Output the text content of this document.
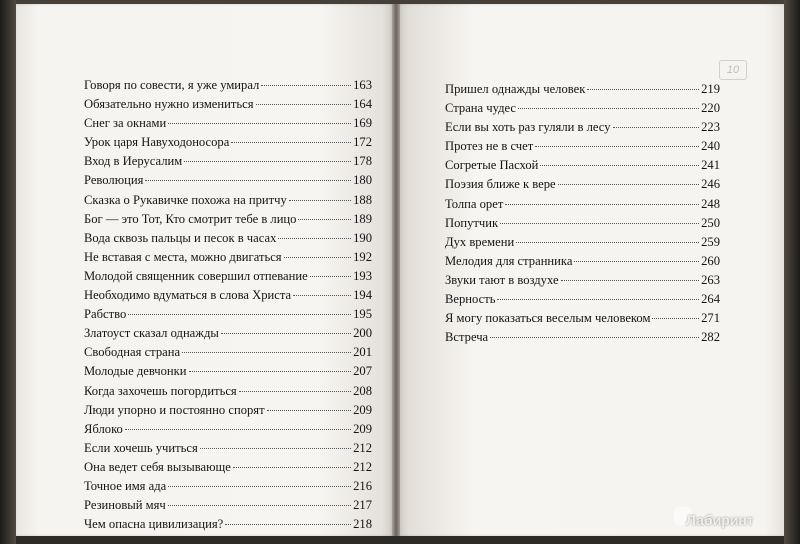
Говоря по совести, я уже умирал	163
Обязательно нужно измениться	164
Снег за окнами	169
Урок царя Навуходоносора	172
Вход в Иерусалим	178
Революция	180
Сказка о Рукавичке похожа на притчу	188
Бог — это Тот, Кто смотрит тебе в лицо	189
Вода сквозь пальцы и песок в часах	190
Не вставая с места, можно двигаться	192
Молодой священник совершил отпевание	193
Необходимо вдуматься в слова Христа	194
Рабство	195
Златоуст сказал однажды	200
Свободная страна	201
Молодые девчонки	207
Когда захочешь погордиться	208
Люди упорно и постоянно спорят	209
Яблоко	209
Если хочешь учиться	212
Она ведет себя вызывающе	212
Точное имя ада	216
Резиновый мяч	217
Чем опасна цивилизация?	218
10
Пришел однажды человек	219
Страна чудес	220
Если вы хоть раз гуляли в лесу	223
Протез не в счет	240
Согретые Пасхой	241
Поэзия ближе к вере	246
Толпа орет	248
Попутчик	250
Дух времени	259
Мелодия для странника	260
Звуки тают в воздухе	263
Верность	264
Я могу показаться веселым человеком	271
Встреча	282
Лабиринт
